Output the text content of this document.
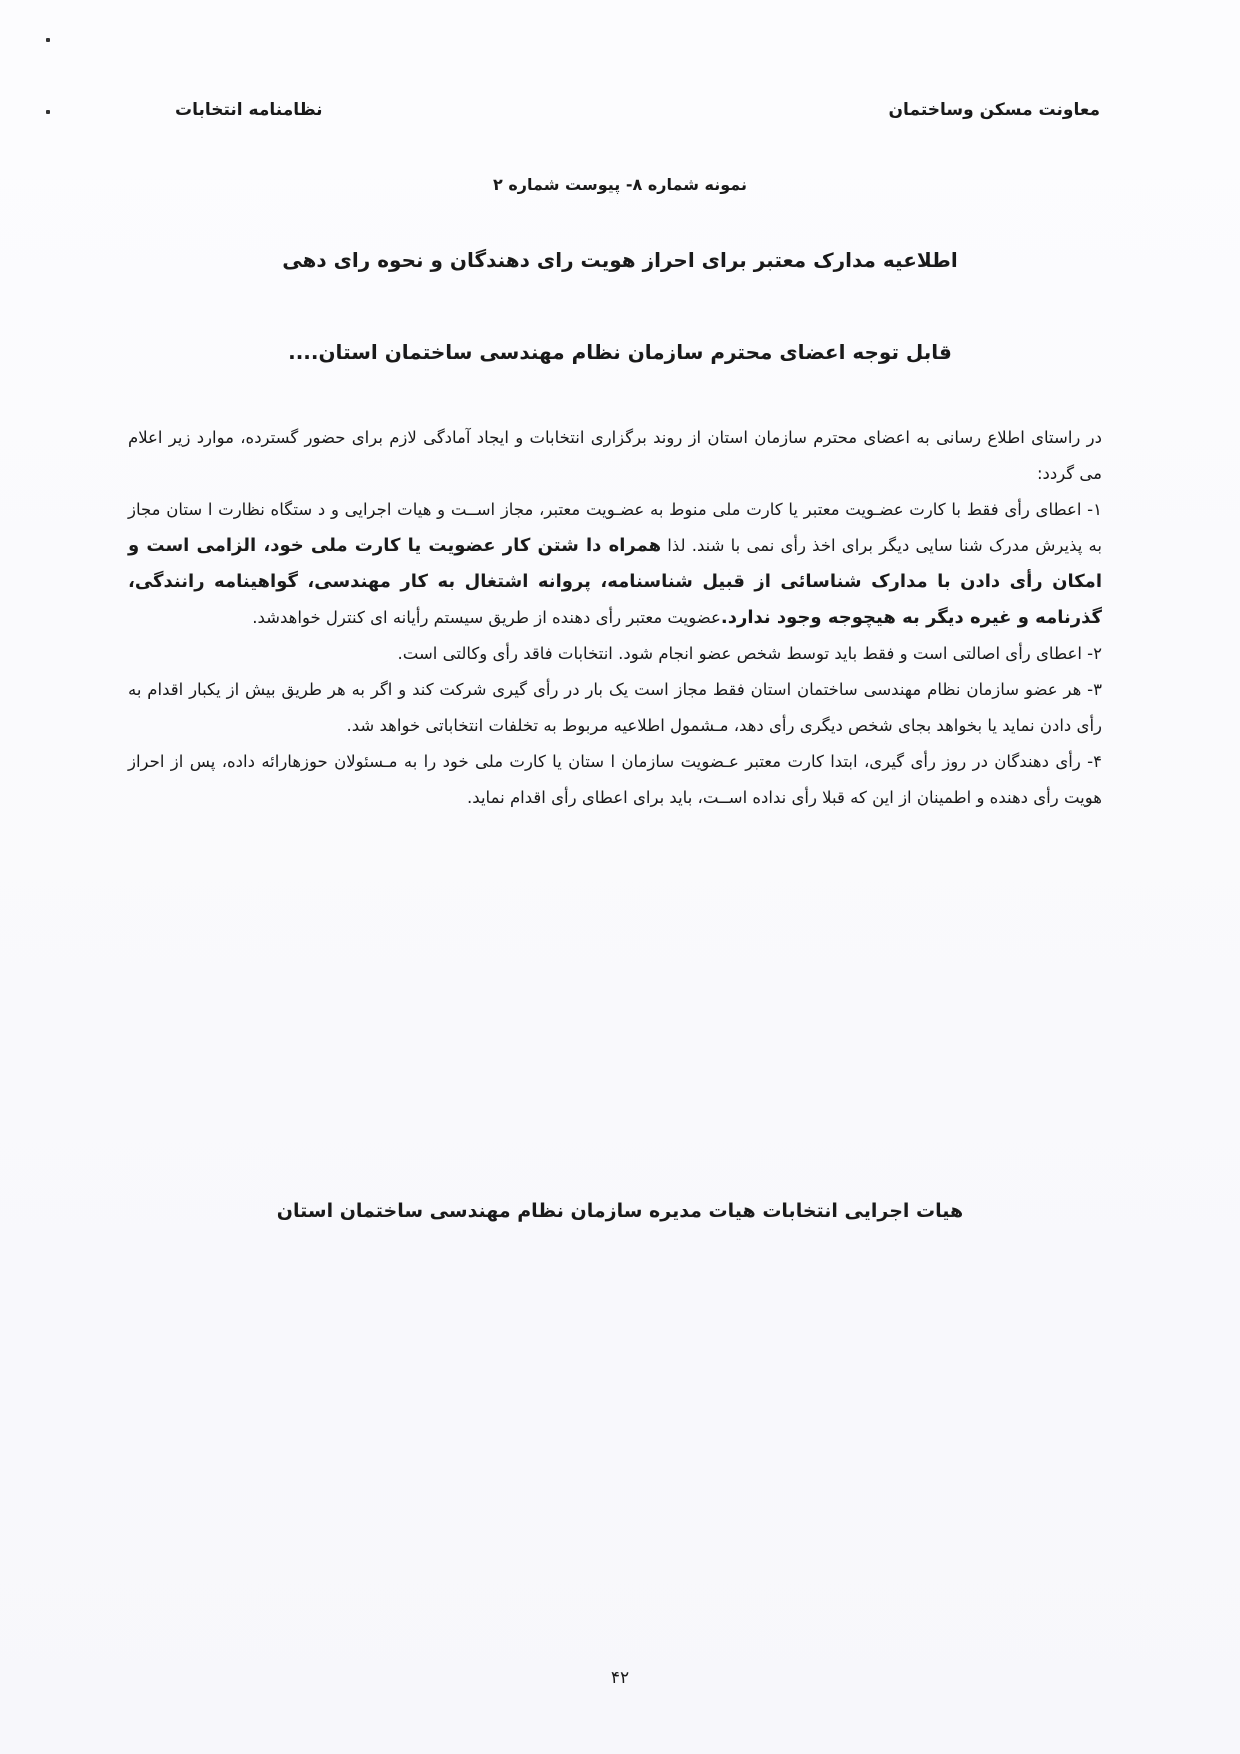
معاونت مسکن وساختمان
نظامنامه انتخابات
نمونه شماره ۸- پیوست شماره ۲
اطلاعیه مدارک معتبر برای احراز هویت رای دهندگان و نحوه رای دهی
قابل توجه اعضای محترم سازمان نظام مهندسی ساختمان استان....

در راستای اطلاع رسانی به اعضای محترم سازمان استان از روند برگزاری انتخابات و ایجاد آمادگی لازم برای حضور گسترده، موارد زیر اعلام می گردد:

۱- اعطای رأی فقط با کارت عضـویت معتبر یا کارت ملی منوط به عضـویت معتبر، مجاز اســت و هیات اجرایی و د ستگاه نظارت ا ستان مجاز به پذیرش مدرک شنا سایی دیگر برای اخذ رأی نمی با شند. لذا همراه دا شتن کار عضویت یا کارت ملی خود، الزامی است و امکان رأی دادن با مدارک شناسائی از قبیل شناسنامه، پروانه اشتغال به کار مهندسی، گواهینامه رانندگی، گذرنامه و غیره دیگر به هیچوجه وجود ندارد.عضویت معتبر رأی دهنده از طریق سیستم رأیانه ای کنترل خواهدشد.

۲- اعطای رأی اصالتی است و فقط باید توسط شخص عضو انجام شود. انتخابات فاقد رأی وکالتی است.

۳- هر عضو سازمان نظام مهندسی ساختمان استان فقط مجاز است یک بار در رأی گیری شرکت کند و اگر به هر طریق بیش از یکبار اقدام به رأی دادن نماید یا بخواهد بجای شخص دیگری رأی دهد، مـشمول اطلاعیه مربوط به تخلفات انتخاباتی خواهد شد.

۴- رأی دهندگان در روز رأی گیری، ابتدا کارت معتبر عـضویت سازمان ا ستان یا کارت ملی خود را به مـسئولان حوزهارائه داده، پس از احراز هویت رأی دهنده و اطمینان از این که قبلا رأی نداده اســت، باید برای اعطای رأی اقدام نماید.

هیات اجرایی انتخابات هیات مدیره سازمان نظام مهندسی ساختمان استان
۴۲
